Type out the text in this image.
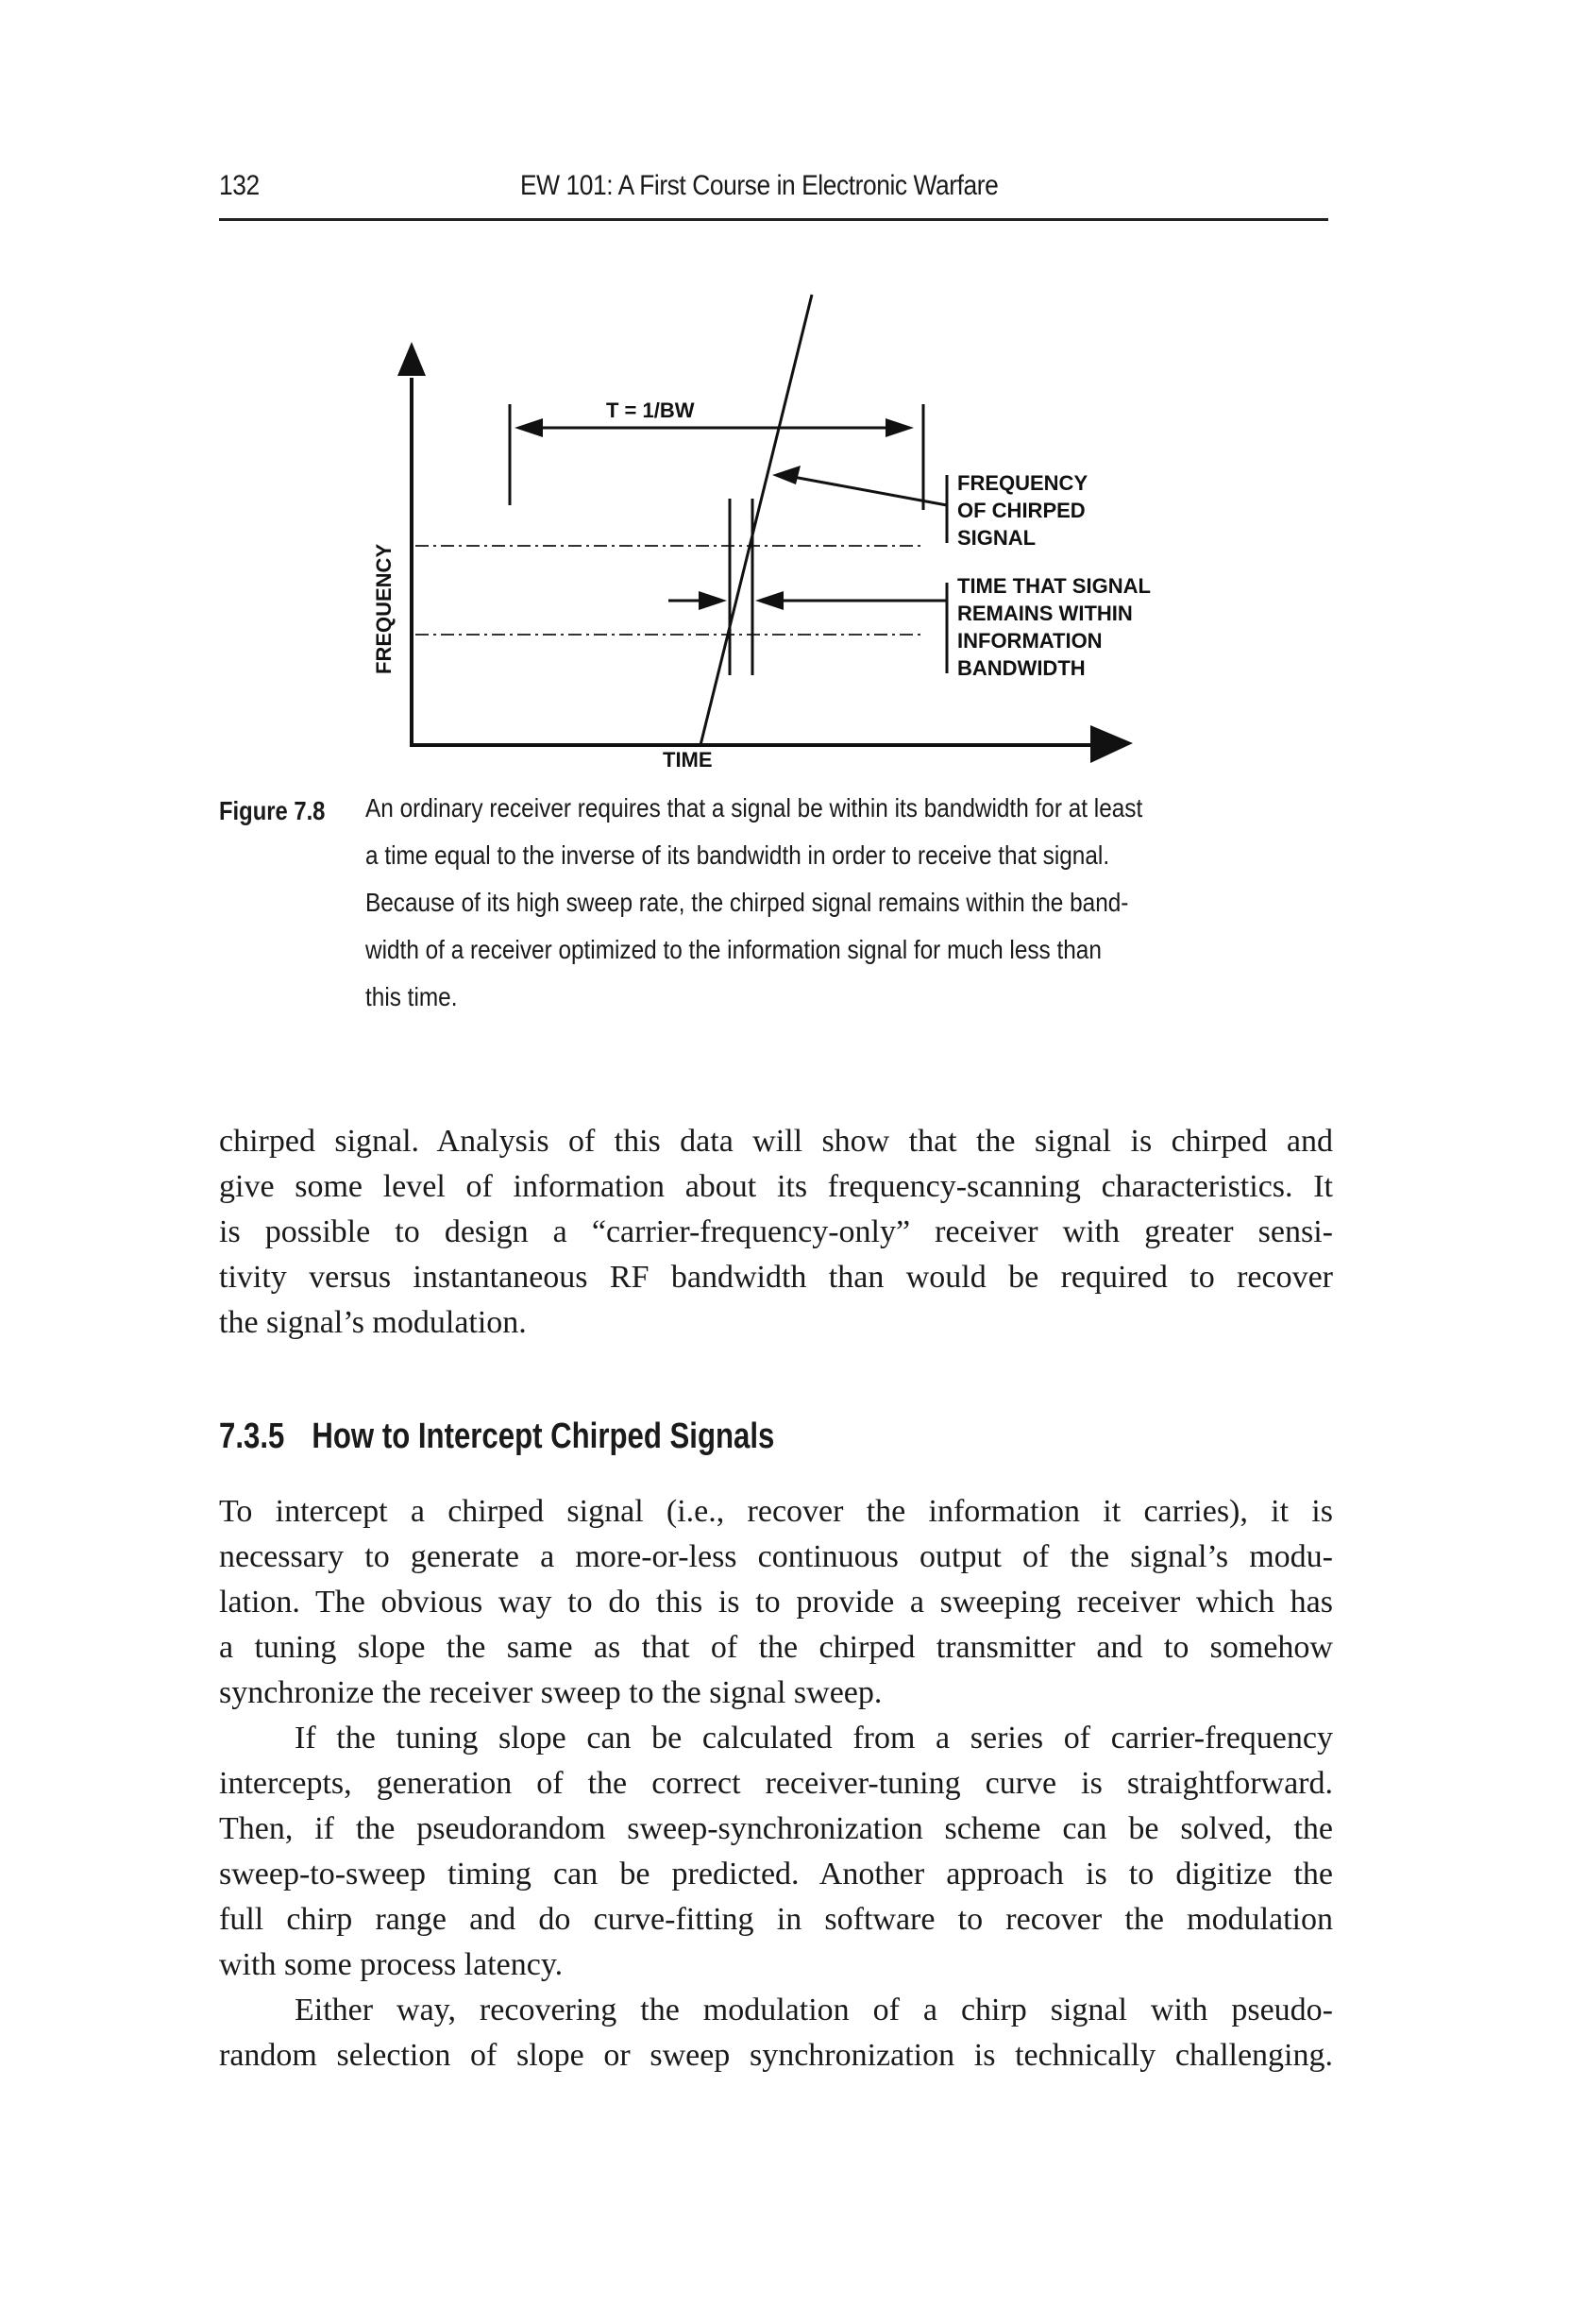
132	EW 101: A First Course in Electronic Warfare
FREQUENCY
TIME
T = 1/BW
FREQUENCY
OF CHIRPED
SIGNAL
TIME THAT SIGNAL
REMAINS WITHIN
INFORMATION
BANDWIDTH
Figure 7.8 An ordinary receiver requires that a signal be within its bandwidth for at least
a time equal to the inverse of its bandwidth in order to receive that signal.
Because of its high sweep rate, the chirped signal remains within the band-
width of a receiver optimized to the information signal for much less than
this time.
chirped signal. Analysis of this data will show that the signal is chirped and
give some level of information about its frequency-scanning characteristics. It
is possible to design a “carrier-frequency-only” receiver with greater sensi-
tivity versus instantaneous RF bandwidth than would be required to recover
the signal’s modulation.
7.3.5 How to Intercept Chirped Signals
To intercept a chirped signal (i.e., recover the information it carries), it is
necessary to generate a more-or-less continuous output of the signal’s modu-
lation. The obvious way to do this is to provide a sweeping receiver which has
a tuning slope the same as that of the chirped transmitter and to somehow
synchronize the receiver sweep to the signal sweep.
If the tuning slope can be calculated from a series of carrier-frequency
intercepts, generation of the correct receiver-tuning curve is straightforward.
Then, if the pseudorandom sweep-synchronization scheme can be solved, the
sweep-to-sweep timing can be predicted. Another approach is to digitize the
full chirp range and do curve-fitting in software to recover the modulation
with some process latency.
Either way, recovering the modulation of a chirp signal with pseudo-
random selection of slope or sweep synchronization is technically challenging.
